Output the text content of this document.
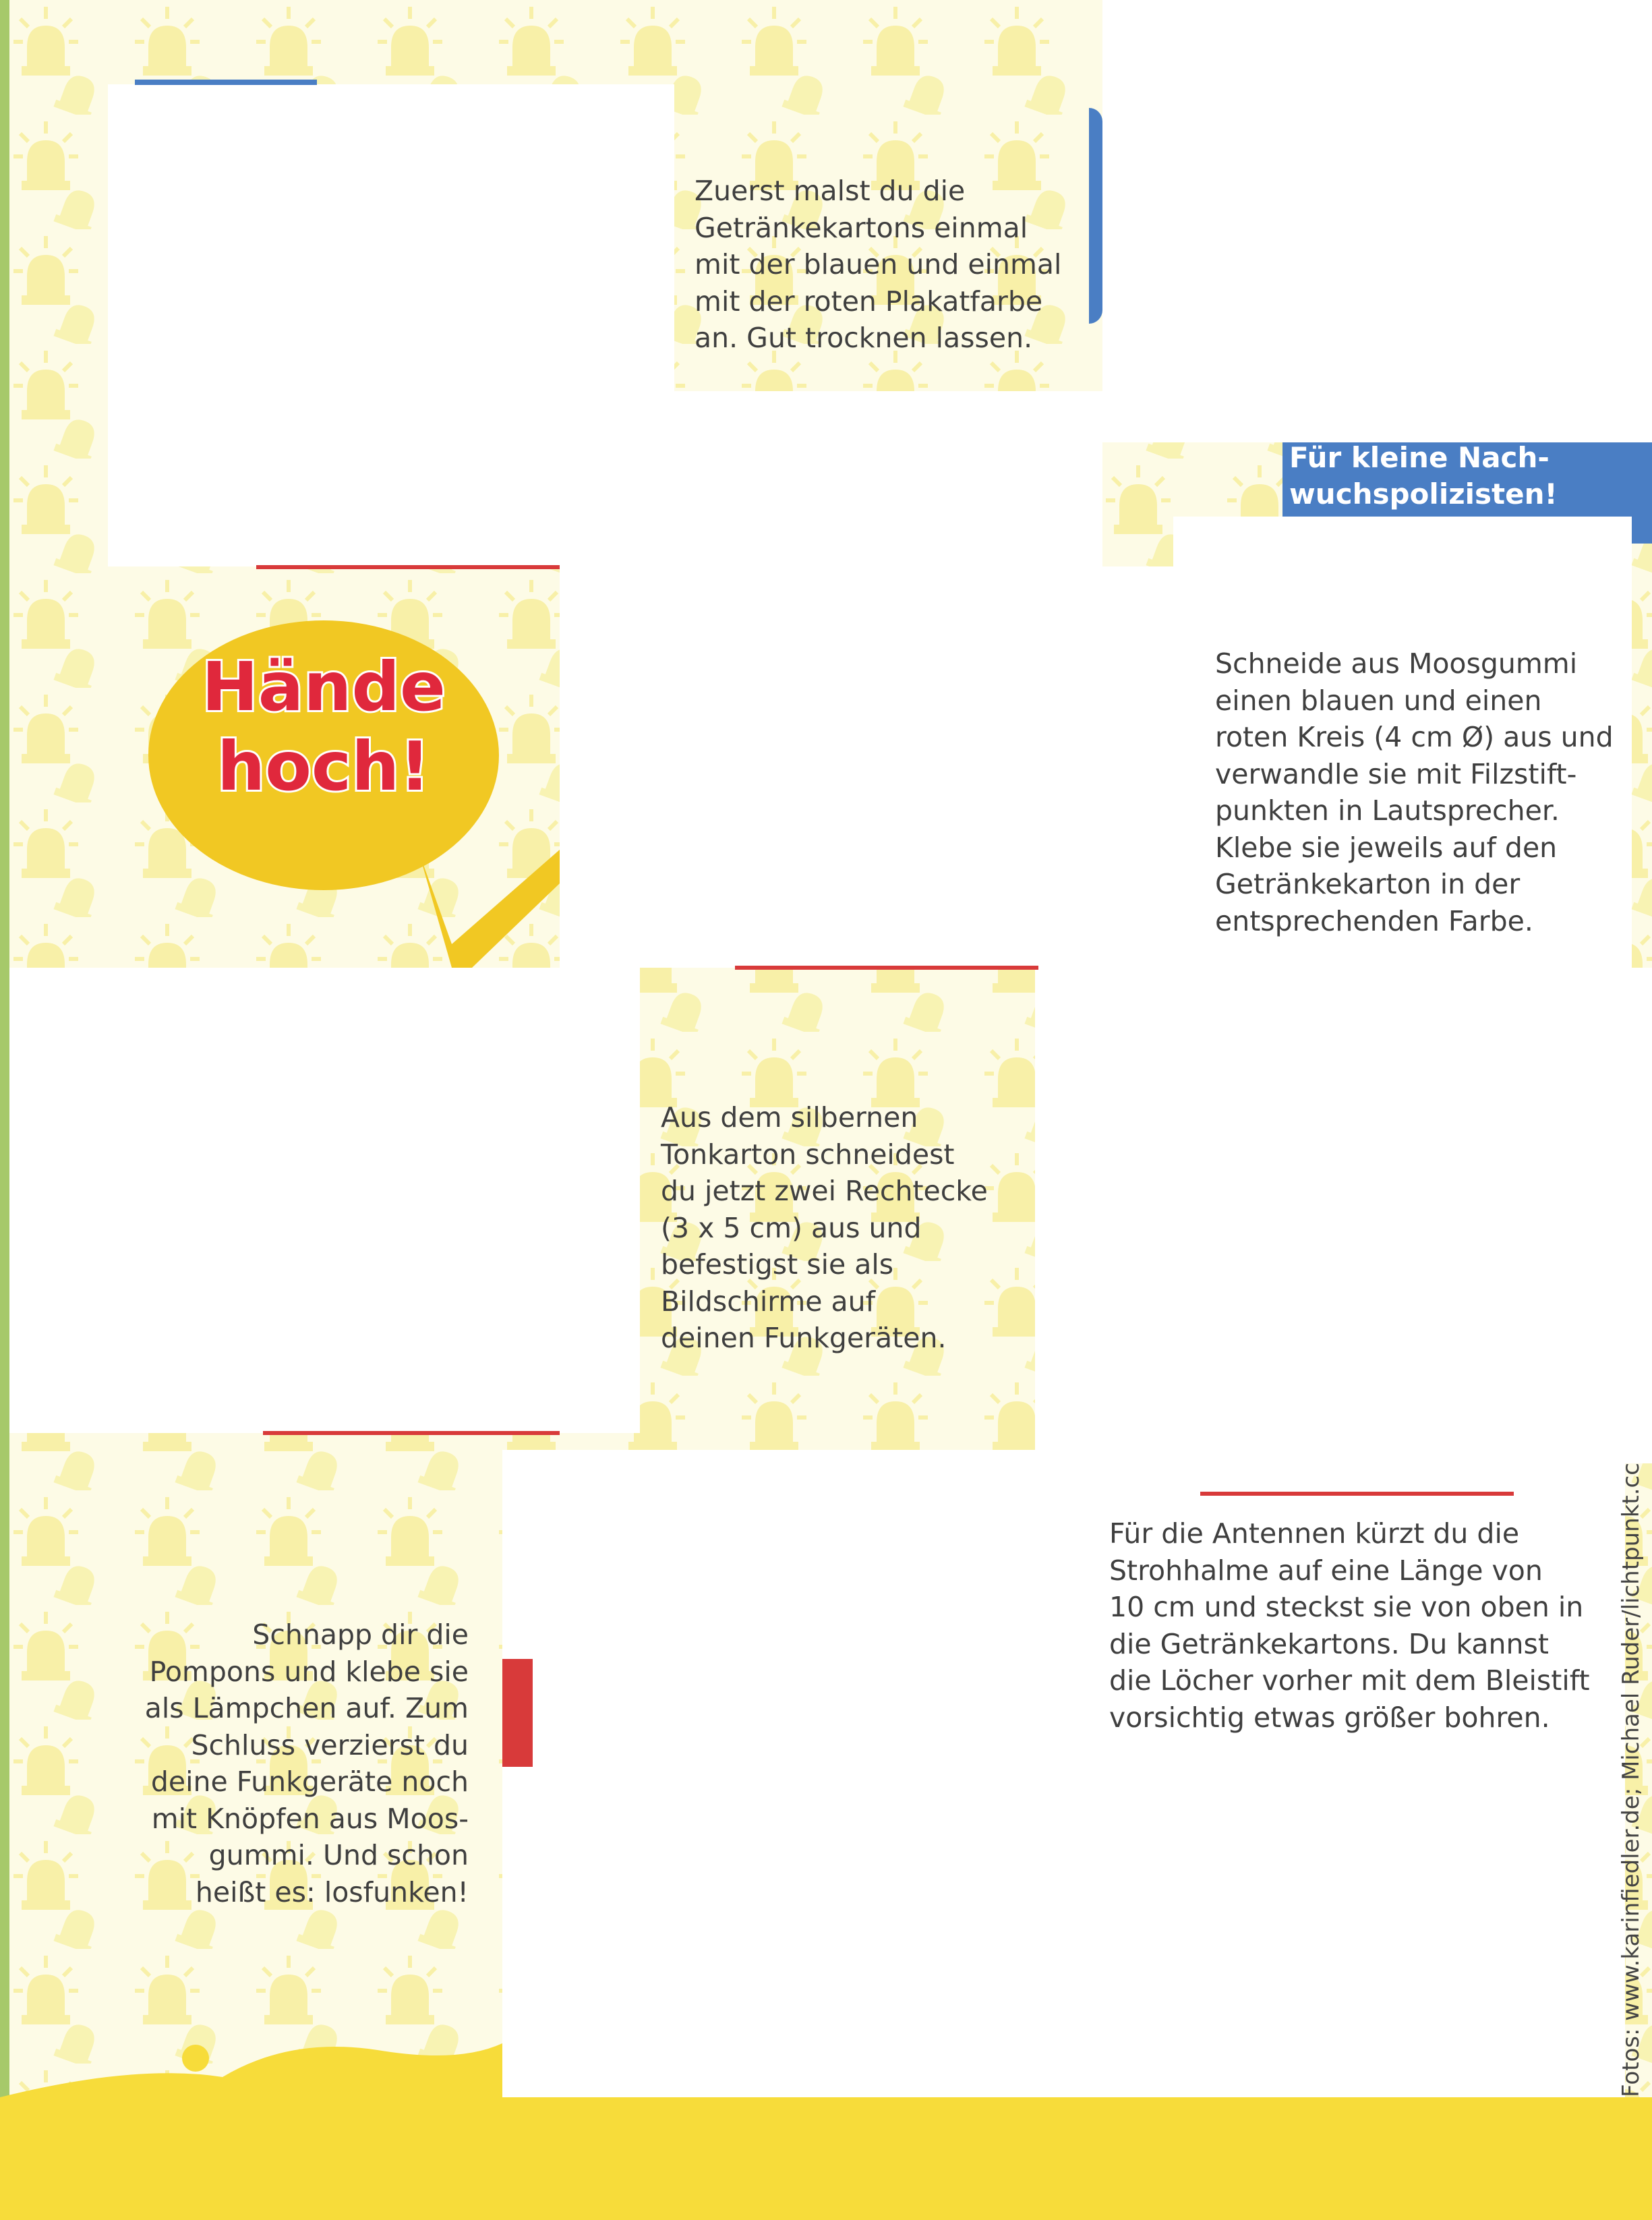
Für kleine Nach-
wuchspolizisten!
Hände
hoch!
Zuerst malst du die
Getränkekartons einmal
mit der blauen und einmal
mit der roten Plakatfarbe
an. Gut trocknen lassen.
Schneide aus Moosgummi
einen blauen und einen
roten Kreis (4 cm Ø) aus und
verwandle sie mit Filzstift-
punkten in Lautsprecher.
Klebe sie jeweils auf den
Getränkekarton in der
entsprechenden Farbe.
Aus dem silbernen
Tonkarton schneidest
du jetzt zwei Rechtecke
(3 x 5 cm) aus und
befestigst sie als
Bildschirme auf
deinen Funkgeräten.
Für die Antennen kürzt du die
Strohhalme auf eine Länge von
10 cm und steckst sie von oben in
die Getränkekartons. Du kannst
die Löcher vorher mit dem Bleistift
vorsichtig etwas größer bohren.
Schnapp dir die
Pompons und klebe sie
als Lämpchen auf. Zum
Schluss verzierst du
deine Funkgeräte noch
mit Knöpfen aus Moos-
gummi. Und schon
heißt es: losfunken!	Fotos: www.karinfiedler.de; Michael Ruder/lichtpunkt.cc
